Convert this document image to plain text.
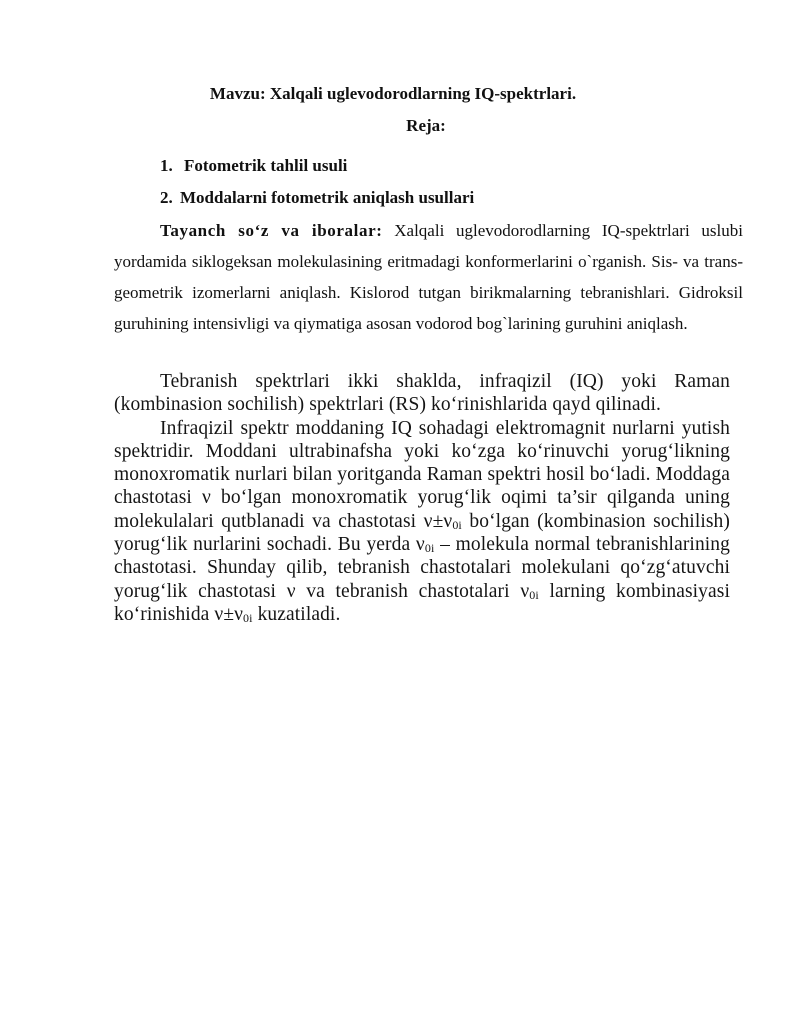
Mavzu: Xalqali uglevodorodlarning IQ-spektrlari.
Reja:
1. Fotometrik tahlil usuli
2. Moddalarni fotometrik aniqlash usullari
Tayanch so‘z va iboralar: Xalqali uglevodorodlarning IQ-spektrlari uslubi yordamida siklogeksan molekulasining eritmadagi konformerlarini o`rganish. Sis- va trans-geometrik izomerlarni aniqlash. Kislorod tutgan birikmalarning tebranishlari. Gidroksil guruhining intensivligi va qiymatiga asosan vodorod bog`larining guruhini aniqlash.

Tebranish spektrlari ikki shaklda, infraqizil (IQ) yoki Raman (kombinasion sochilish) spektrlari (RS) ko‘rinishlarida qayd qilinadi.

Infraqizil spektr moddaning IQ sohadagi elektromagnit nurlarni yutish spektridir. Moddani ultrabinafsha yoki ko‘zga ko‘rinuvchi yorug‘likning monoxromatik nurlari bilan yoritganda Raman spektri hosil bo‘ladi. Moddaga chastotasi ν bo‘lgan monoxromatik yorug‘lik oqimi ta’sir qilganda uning molekulalari qutblanadi va chastotasi $\nu\pm\nu_{0i}$ bo‘lgan (kombinasion sochilish) yorug‘lik nurlarini sochadi. Bu yerda $\nu_{0i}$ – molekula normal tebranishlarining chastotasi. Shunday qilib, tebranish chastotalari molekulani qo‘zg‘atuvchi yorug‘lik chastotasi ν va tebranish chastotalari $\nu_{0i}$ larning kombinasiyasi ko‘rinishida $\nu\pm\nu_{0i}$ kuzatiladi.
